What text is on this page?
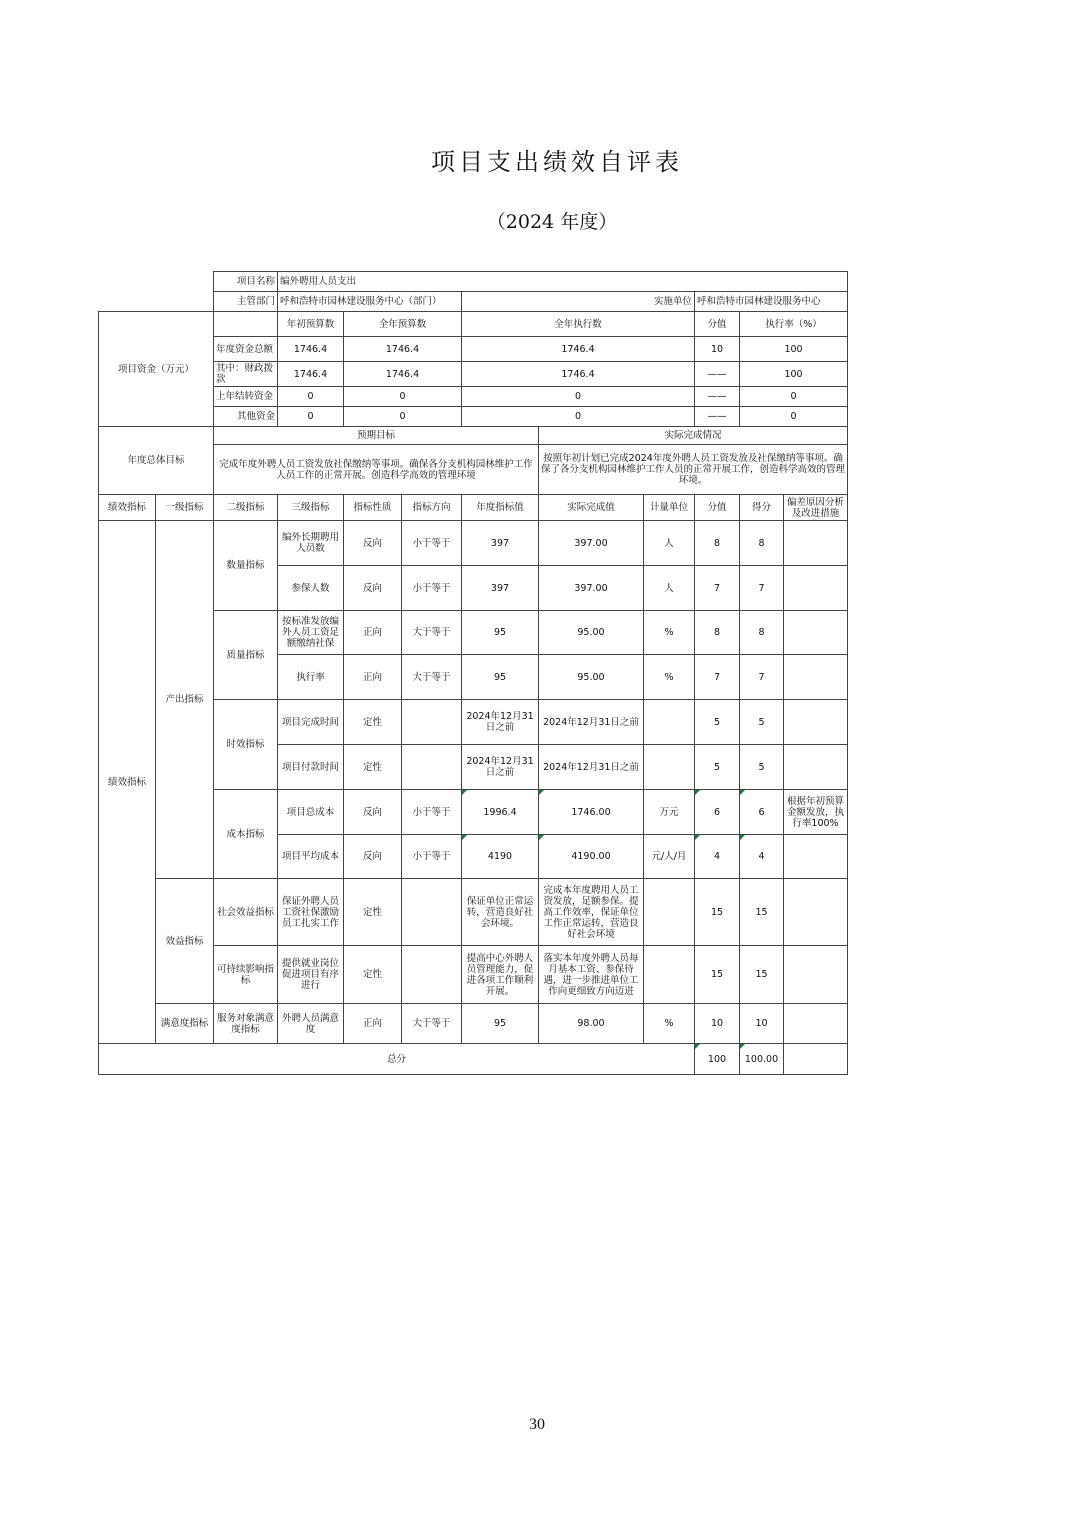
项目支出绩效自评表
（2024 年度）
		项目名称	编外聘用人员支出									
		主管部门	呼和浩特市园林建设服务中心（部门）			实施单位			呼和浩特市园林建设服务中心			
项目资金（万元）			年初预算数	全年预算数		全年执行数			分值	执行率（%）	
		年度资金总额	1746.4	1746.4		1746.4			10	100	
		其中：财政拨款	1746.4	1746.4		1746.4			——	100	
		上年结转资金	0	0		0			——	0	
		其他资金	0	0		0			——	0	
年度总体目标		预期目标					实际完成情况					
		完成年度外聘人员工资发放社保缴纳等事项。确保各分支机构园林维护工作人员工作的正常开展。创造科学高效的管理环境					按照年初计划已完成2024年度外聘人员工资发放及社保缴纳等事项。确保了各分支机构园林维护工作人员的正常开展工作，创造科学高效的管理环境。					
绩效指标	一级指标	二级指标	三级指标	指标性质	指标方向	年度指标值	实际完成值	计量单位	分值	得分	偏差原因分析及改进措施	
绩效指标	产出指标	数量指标	编外长期聘用人员数	反向	小于等于	397	397.00	人	8	8		
			参保人数	反向	小于等于	397	397.00	人	7	7		
		质量指标	按标准发放编外人员工资足额缴纳社保	正向	大于等于	95	95.00	%	8	8		
			执行率	正向	大于等于	95	95.00	%	7	7		
		时效指标	项目完成时间	定性		2024年12月31日之前	2024年12月31日之前		5	5		
			项目付款时间	定性		2024年12月31日之前	2024年12月31日之前		5	5		
		成本指标	项目总成本	反向	小于等于	1996.4	1746.00	万元	6	6	根据年初预算金额发放，执行率100%	
			项目平均成本	反向	小于等于	4190	4190.00	元/人/月	4	4		
	效益指标	社会效益指标	保证外聘人员工资社保激励员工扎实工作	定性		保证单位正常运转，营造良好社会环境。	完成本年度聘用人员工资发放，足额参保。提高工作效率，保证单位工作正常运转，营造良好社会环境		15	15		
		可持续影响指标	提供就业岗位促进项目有序进行	定性		提高中心外聘人员管理能力，促进各项工作顺利开展。	落实本年度外聘人员每月基本工资、参保待遇，进一步推进单位工作向更细致方向迈进		15	15		
	满意度指标	服务对象满意度指标	外聘人员满意度	正向	大于等于	95	98.00	%	10	10		
总分									100	100.00		
30
